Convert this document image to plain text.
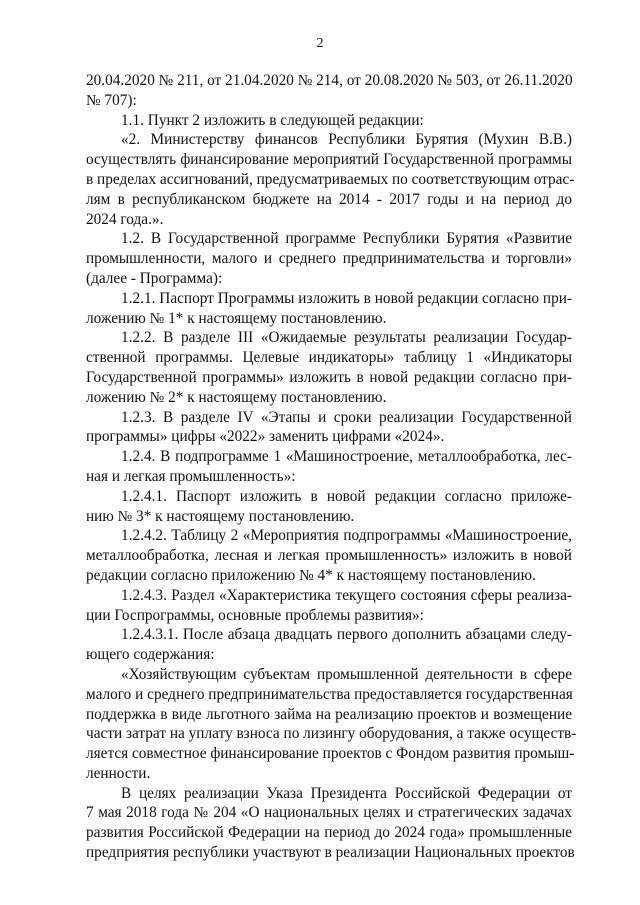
2
20.04.2020 № 211, от 21.04.2020 № 214, от 20.08.2020 № 503, от 26.11.2020
№ 707):
1.1. Пункт 2 изложить в следующей редакции:
«2. Министерству финансов Республики Бурятия (Мухин В.В.)
осуществлять финансирование мероприятий Государственной программы
в пределах ассигнований, предусматриваемых по соответствующим отрас-
лям в республиканском бюджете на 2014 - 2017 годы и на период до
2024 года.».
1.2. В Государственной программе Республики Бурятия «Развитие
промышленности, малого и среднего предпринимательства и торговли»
(далее - Программа):
1.2.1. Паспорт Программы изложить в новой редакции согласно при-
ложению № 1* к настоящему постановлению.
1.2.2. В разделе III «Ожидаемые результаты реализации Государ-
ственной программы. Целевые индикаторы» таблицу 1 «Индикаторы
Государственной программы» изложить в новой редакции согласно при-
ложению № 2* к настоящему постановлению.
1.2.3. В разделе IV «Этапы и сроки реализации Государственной
программы» цифры «2022» заменить цифрами «2024».
1.2.4. В подпрограмме 1 «Машиностроение, металлообработка, лес-
ная и легкая промышленность»:
1.2.4.1. Паспорт изложить в новой редакции согласно приложе-
нию № 3* к настоящему постановлению.
1.2.4.2. Таблицу 2 «Мероприятия подпрограммы «Машиностроение,
металлообработка, лесная и легкая промышленность» изложить в новой
редакции согласно приложению № 4* к настоящему постановлению.
1.2.4.3. Раздел «Характеристика текущего состояния сферы реализа-
ции Госпрограммы, основные проблемы развития»:
1.2.4.3.1. После абзаца двадцать первого дополнить абзацами следу-
ющего содержания:
«Хозяйствующим субъектам промышленной деятельности в сфере
малого и среднего предпринимательства предоставляется государственная
поддержка в виде льготного займа на реализацию проектов и возмещение
части затрат на уплату взноса по лизингу оборудования, а также осуществ-
ляется совместное финансирование проектов с Фондом развития промыш-
ленности.
В целях реализации Указа Президента Российской Федерации от
7 мая 2018 года № 204 «О национальных целях и стратегических задачах
развития Российской Федерации на период до 2024 года» промышленные
предприятия республики участвуют в реализации Национальных проектов
